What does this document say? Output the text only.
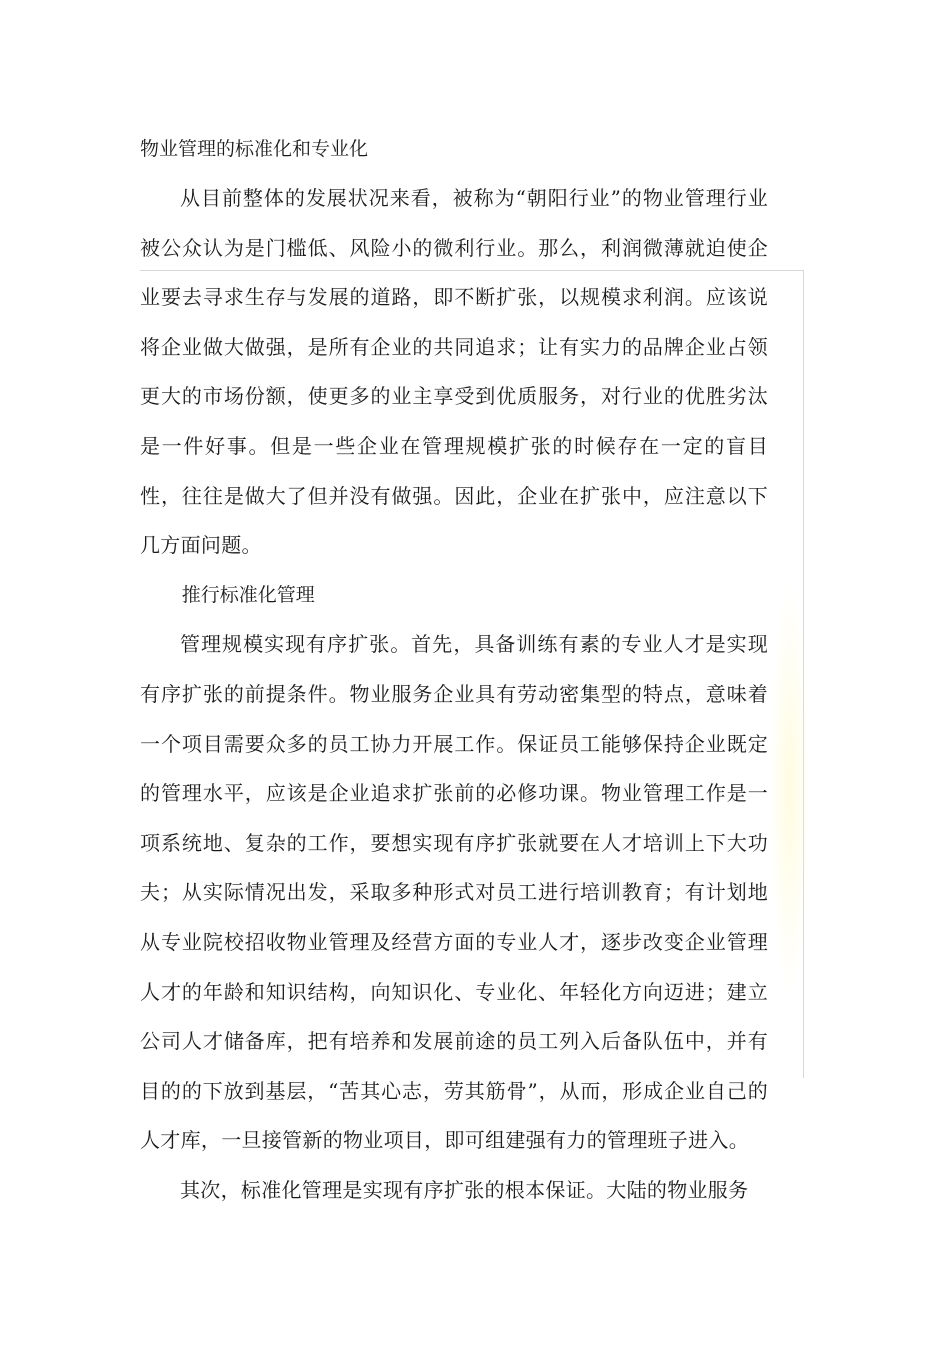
物业管理的标准化和专业化

从目前整体的发展状况来看，被称为“朝阳行业”的物业管理行业被公众认为是门槛低、风险小的微利行业。那么，利润微薄就迫使企业要去寻求生存与发展的道路，即不断扩张，以规模求利润。应该说将企业做大做强，是所有企业的共同追求；让有实力的品牌企业占领更大的市场份额，使更多的业主享受到优质服务，对行业的优胜劣汰是一件好事。但是一些企业在管理规模扩张的时候存在一定的盲目性，往往是做大了但并没有做强。因此，企业在扩张中，应注意以下几方面问题。

推行标准化管理

管理规模实现有序扩张。首先，具备训练有素的专业人才是实现有序扩张的前提条件。物业服务企业具有劳动密集型的特点，意味着一个项目需要众多的员工协力开展工作。保证员工能够保持企业既定的管理水平，应该是企业追求扩张前的必修功课。物业管理工作是一项系统地、复杂的工作，要想实现有序扩张就要在人才培训上下大功夫；从实际情况出发，采取多种形式对员工进行培训教育；有计划地从专业院校招收物业管理及经营方面的专业人才，逐步改变企业管理人才的年龄和知识结构，向知识化、专业化、年轻化方向迈进；建立公司人才储备库，把有培养和发展前途的员工列入后备队伍中，并有目的的下放到基层，“苦其心志，劳其筋骨”，从而，形成企业自己的人才库，一旦接管新的物业项目，即可组建强有力的管理班子进入。

其次，标准化管理是实现有序扩张的根本保证。大陆的物业服务
